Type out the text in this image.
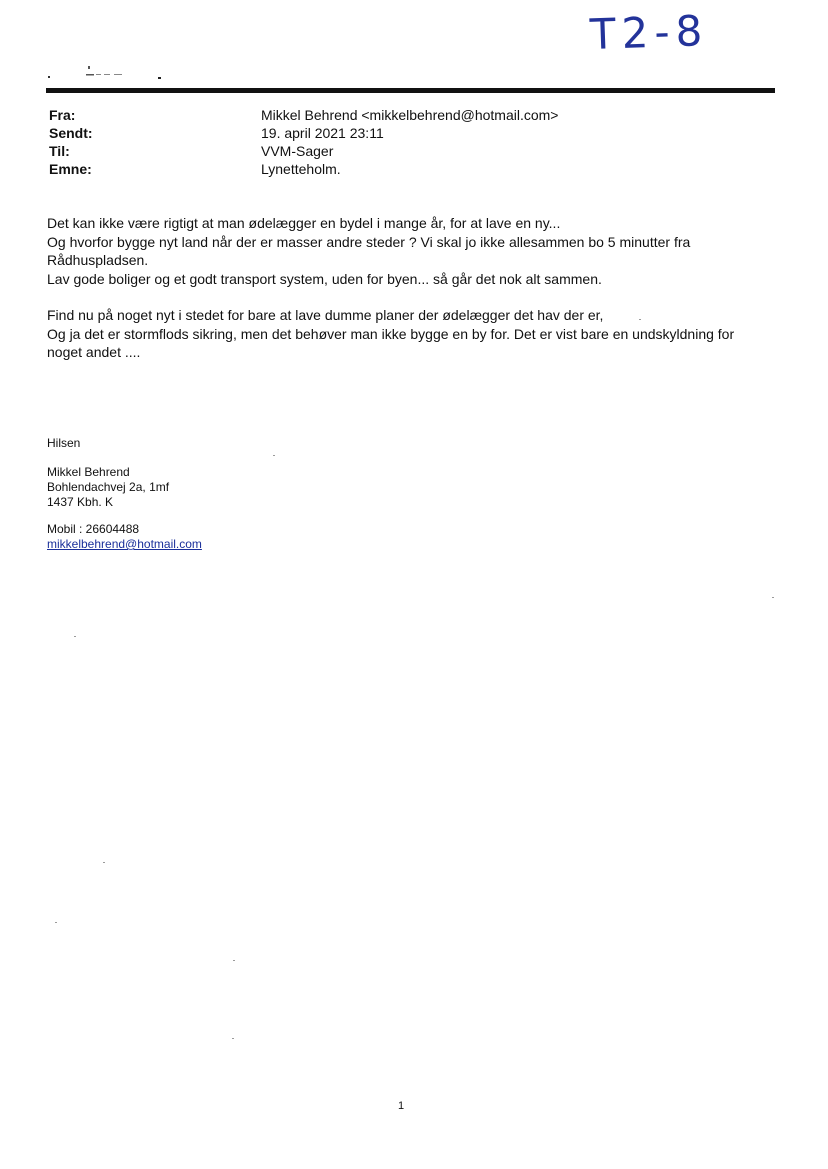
T2-8
Fra:	Mikkel Behrend <mikkelbehrend@hotmail.com>
Sendt:	19. april 2021 23:11
Til:	VVM-Sager
Emne:	Lynetteholm.

Det kan ikke være rigtigt at man ødelægger en bydel i mange år, for at lave en ny...
Og hvorfor bygge nyt land når der er masser andre steder ? Vi skal jo ikke allesammen bo 5 minutter fra
Rådhuspladsen.
Lav gode boliger og et godt transport system, uden for byen... så går det nok alt sammen.

Find nu på noget nyt i stedet for bare at lave dumme planer der ødelægger det hav der er,
Og ja det er stormflods sikring, men det behøver man ikke bygge en by for. Det er vist bare en undskyldning for
noget andet ....

Hilsen
Mikkel Behrend
Bohlendachvej 2a, 1mf
1437 Kbh. K
Mobil : 26604488
mikkelbehrend@hotmail.com
1
